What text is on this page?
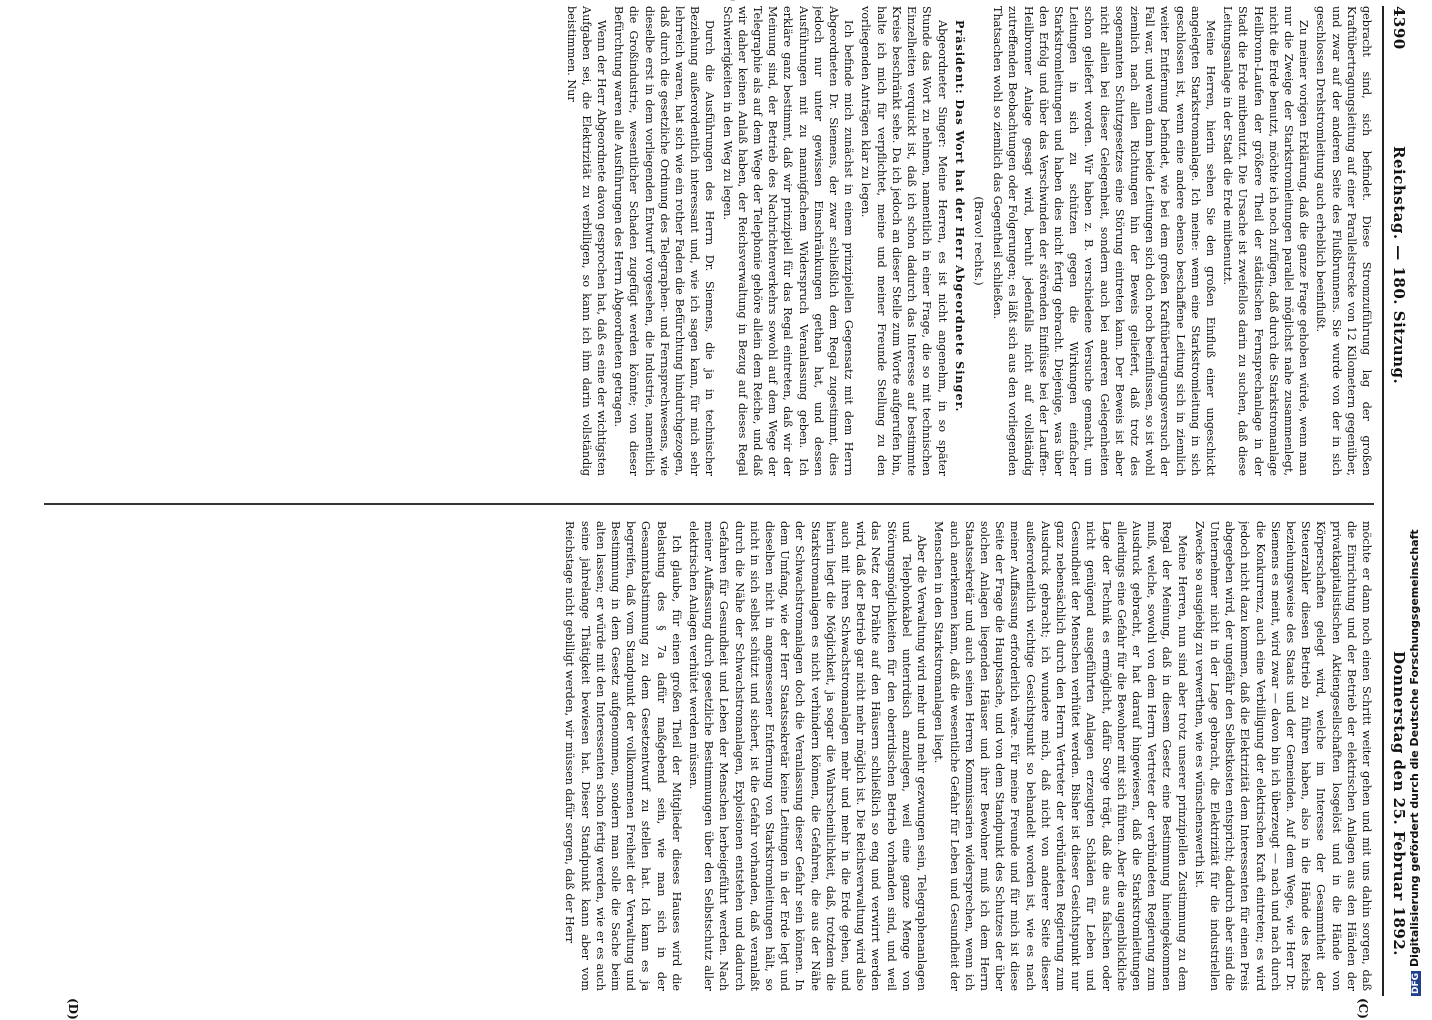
4390
Reichstag. — 180. Sitzung.
Donnerstag den 25. Februar 1892.
(C)
(D)

gebracht sind, sich befindet. Diese Stromzuführung lag der großen Kraftübertragungsleitung auf einer Parallelstrecke von 12 Kilometern gegenüber, und zwar auf der anderen Seite des Flußbrunnens. Sie wurde von der in sich geschlossen Drehstromleitung auch erheblich beeinflußt.

Zu meiner vorigen Erklärung, daß die ganze Frage gehoben würde, wenn man nur die Zweige der Starkstromleitungen parallel möglichst nahe zusammenlegt, nicht die Erde benutzt, möchte ich noch zufügen, daß durch die Starkstromanlage Heilbronn-Laufen der größere Theil der städtischen Fernsprechanlage in der Stadt die Erde mitbenutzt. Die Ursache ist zweifellos darin zu suchen, daß diese Leitungsanlage in der Stadt die Erde mitbenutzt.

Meine Herren, hierin sehen Sie den großen Einfluß einer ungeschickt angelegten Starkstromanlage. Ich meine: wenn eine Starkstromleitung in sich geschlossen ist, wenn eine andere ebenso beschaffene Leitung sich in ziemlich weiter Entfernung befindet, wie bei dem großen Kraftübertragungsversuch der Fall war, und wenn dann beide Leitungen sich doch noch beeinflussen, so ist wohl ziemlich nach allen Richtungen hin der Beweis geliefert, daß trotz des sogenannten Schutzgesetzes eine Störung eintreten kann. Der Beweis ist aber nicht allein bei dieser Gelegenheit, sondern auch bei anderen Gelegenheiten schon geliefert worden. Wir haben z. B. verschiedene Versuche gemacht, um Leitungen in sich zu schützen gegen die Wirkungen einfacher Starkstromleitungen und haben dies nicht fertig gebracht. Diejenige, was über den Erfolg und über das Verschwinden der störenden Einflüsse bei der Lauffen-Heilbronner Anlage gesagt wird, beruht jedenfalls nicht auf vollständig zutreffenden Beobachtungen oder Folgerungen; es läßt sich aus den vorliegenden Thatsachen wohl so ziemlich das Gegentheil schließen.

(Bravo! rechts.)

Präsident: Das Wort hat der Herr Abgeordnete Singer.

Abgeordneter Singer: Meine Herren, es ist nicht angenehm, in so später Stunde das Wort zu nehmen, namentlich in einer Frage, die so mit technischen Einzelheiten verquickt ist, daß ich schon dadurch das Interesse auf bestimmte Kreise beschränkt sehe. Da ich jedoch an dieser Stelle zum Worte aufgerufen bin, halte ich mich für verpflichtet, meine und meiner Freunde Stellung zu den vorliegenden Anträgen klar zu legen.

Ich befinde mich zunächst in einem prinzipiellen Gegensatz mit dem Herrn Abgeordneten Dr. Siemens, der zwar schließlich dem Regal zugestimmt, dies jedoch nur unter gewissen Einschränkungen gethan hat, und dessen Ausführungen mit zu mannigfachem Widerspruch Veranlassung geben. Ich erkläre ganz bestimmt, daß wir prinzipiell für das Regal eintreten, daß wir der Meinung sind, der Betrieb des Nachrichtenverkehrs sowohl auf dem Wege der Telegraphie als auf dem Wege der Telephonie gehöre allein dem Reiche, und daß wir daher keinen Anlaß haben, der Reichsverwaltung in Bezug auf dieses Regal Schwierigkeiten in den Weg zu legen.

Durch die Ausführungen des Herrn Dr. Siemens, die ja in technischer Beziehung außerordentlich interessant und, wie ich sagen kann, für mich sehr lehrreich waren, hat sich wie ein rother Faden die Befürchtung hindurchgezogen, daß durch die gesetzliche Ordnung des Telegraphen- und Fernsprechwesens, wie dieselbe erst in dem vorliegenden Entwurf vorgesehen, die Industrie, namentlich die Großindustrie, wesentlicher Schaden zugefügt werden könnte; von dieser Befürchtung waren alle Ausführungen des Herrn Abgeordneten getragen.

Wenn der Herr Abgeordnete davon gesprochen hat, daß es eine der wichtigsten Aufgaben sei, die Elektrizität zu verbilligen, so kann ich ihm darin vollständig beistimmen. Nur

möchte er dann noch einen Schritt weiter gehen und mit uns dahin sorgen, daß die Einrichtung und der Betrieb der elektrischen Anlagen aus den Händen der privatkapitalistischen Aktiengesellschaften losgelöst und in die Hände von Körperschaften gelegt wird, welche im Interesse der Gesammtheit der Steuerzahler diesen Betrieb zu führen haben, also in die Hände des Reichs beziehungsweise des Staats und der Gemeinden. Auf dem Wege, wie Herr Dr. Siemens es meint, wird zwar — davon bin ich überzeugt — nach und nach durch die Konkurrenz, auch eine Verbilligung der elektrischen Kraft eintreten; es wird jedoch nicht dazu kommen, daß die Elektrizität dem Interessenten für einen Preis abgegeben wird, der ungefähr den Selbstkosten entspricht; dadurch aber sind die Unternehmer nicht in der Lage gebracht, die Elektrizität für die industriellen Zwecke so ausgiebig zu verwerthen, wie es wünschenswerth ist.

Meine Herren, nun sind aber trotz unserer prinzipiellen Zustimmung zu dem Regal der Meinung, daß in diesem Gesetz eine Bestimmung hineingekommen muß, welche, sowohl von dem Herrn Vertreter der verbündeten Regierung zum Ausdruck gebracht, er hat darauf hingewiesen, daß die Starkstromleitungen allerdings eine Gefahr für die Bewohner mit sich führen. Aber die augenblickliche Lage der Technik es ermöglicht, dafür Sorge trägt, daß die aus falschen oder nicht genügend ausgeführten Anlagen erzeugten Schäden für Leben und Gesundheit der Menschen verhütet werden. Bisher ist dieser Gesichtspunkt nur ganz nebensächlich durch den Herrn Vertreter der verbündeten Regierung zum Ausdruck gebracht; ich wundere mich, daß nicht von anderer Seite dieser außerordentlich wichtige Gesichtspunkt so behandelt worden ist, wie es nach meiner Auffassung erforderlich wäre. Für meine Freunde und für mich ist diese Seite der Frage die Hauptsache, und von dem Standpunkt des Schutzes der über solchen Anlagen liegenden Häuser und ihrer Bewohner muß ich dem Herrn Staatssekretär und auch seinen Herren Kommissarien widersprechen, wenn ich auch anerkennen kann, daß die wesentliche Gefahr für Leben und Gesundheit der Menschen in den Starkstromanlagen liegt.

Aber die Verwaltung wird mehr und mehr gezwungen sein, Telegraphenanlagen und Telephonkabel unterirdisch anzulegen, weil eine ganze Menge von Störungsmöglichkeiten für den oberirdischen Betrieb vorhanden sind, und weil das Netz der Drähte auf den Häusern schließlich so eng und verwirrt werden wird, daß der Betrieb gar nicht mehr möglich ist. Die Reichsverwaltung wird also auch mit ihren Schwachstromanlagen mehr und mehr in die Erde gehen, und hierin liegt die Möglichkeit, ja sogar die Wahrscheinlichkeit, daß, trotzdem die Starkstromanlagen es nicht verhindern können, die Gefahren, die aus der Nähe der Schwachstromanlagen doch die Veranlassung dieser Gefahr sein können. In dem Umfang, wie der Herr Staatssekretär keine Leitungen in der Erde legt und dieselben nicht in angemessener Entfernung von Starkstromleitungen hält, so nicht in sich selbst schützt und sichert, ist die Gefahr vorhanden, daß veranlaßt durch die Nähe der Schwachstromanlagen, Explosionen entstehen und dadurch Gefahren für Gesundheit und Leben der Menschen herbeigeführt werden. Nach meiner Auffassung durch gesetzliche Bestimmungen über den Selbstschutz aller elektrischen Anlagen verhütet werden müssen.

Ich glaube, für einen großen Theil der Mitglieder dieses Hauses wird die Belastung des § 7a dafür maßgebend sein, wie man sich in der Gesammtabstimmung zu dem Gesetzentwurf zu stellen hat. Ich kann es ja begreifen, daß vom Standpunkt der vollkommenen Freiheit der Verwaltung und Bestimmung in dem Gesetz aufgenommen, sondern man solle die Sache beim alten lassen; er würde mit den Interessenten schon fertig werden, wie er es auch seine jahrelange Thätigkeit bewiesen hat. Dieser Standpunkt kann aber vom Reichstage nicht gebilligt werden, wir müssen dafür sorgen, daß der Herr

DFGDigitalisierung gefördert durch die Deutsche Forschungsgemeinschaft
